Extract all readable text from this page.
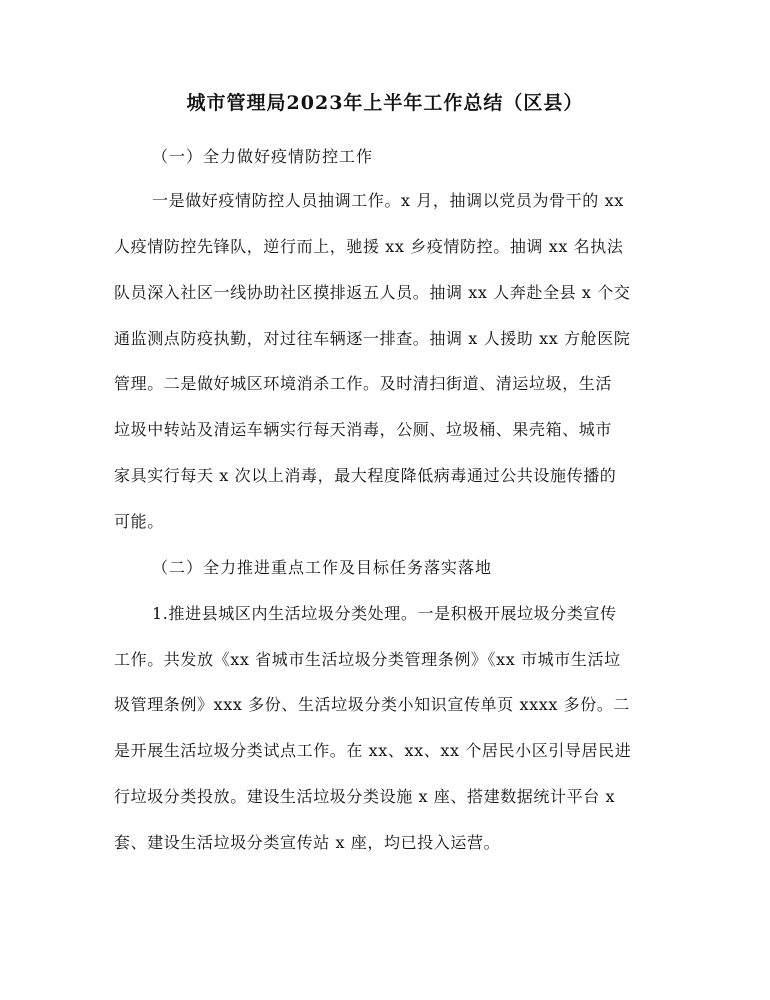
城市管理局2023年上半年工作总结（区县）
（一）全力做好疫情防控工作
一是做好疫情防控人员抽调工作。x 月，抽调以党员为骨干的 xx
人疫情防控先锋队，逆行而上，驰援 xx 乡疫情防控。抽调 xx 名执法
队员深入社区一线协助社区摸排返五人员。抽调 xx 人奔赴全县 x 个交
通监测点防疫执勤，对过往车辆逐一排查。抽调 x 人援助 xx 方舱医院
管理。二是做好城区环境消杀工作。及时清扫街道、清运垃圾，生活
垃圾中转站及清运车辆实行每天消毒，公厕、垃圾桶、果壳箱、城市
家具实行每天 x 次以上消毒，最大程度降低病毒通过公共设施传播的
可能。
（二）全力推进重点工作及目标任务落实落地
1.推进县城区内生活垃圾分类处理。一是积极开展垃圾分类宣传
工作。共发放《xx 省城市生活垃圾分类管理条例》《xx 市城市生活垃
圾管理条例》xxx 多份、生活垃圾分类小知识宣传单页 xxxx 多份。二
是开展生活垃圾分类试点工作。在 xx、xx、xx 个居民小区引导居民进
行垃圾分类投放。建设生活垃圾分类设施 x 座、搭建数据统计平台 x
套、建设生活垃圾分类宣传站 x 座，均已投入运营。
